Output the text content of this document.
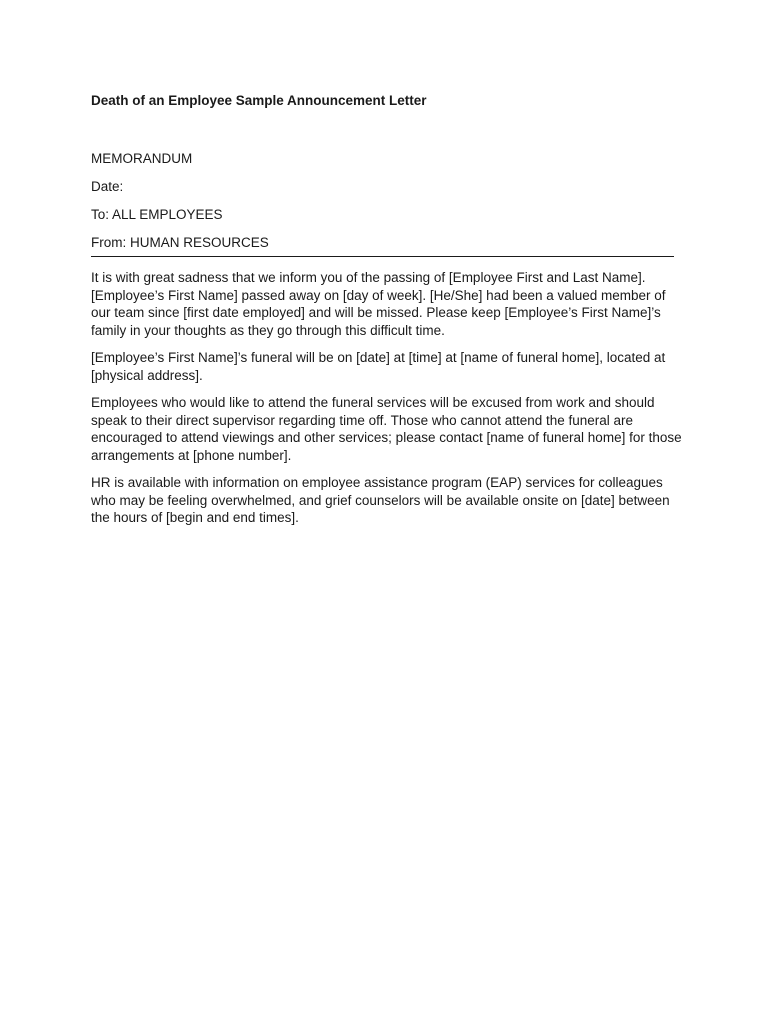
Death of an Employee Sample Announcement Letter

MEMORANDUM

Date:

To: ALL EMPLOYEES

From: HUMAN RESOURCES

It is with great sadness that we inform you of the passing of [Employee First and Last Name]. [Employee’s First Name] passed away on [day of week]. [He/She] had been a valued member of our team since [first date employed] and will be missed. Please keep [Employee’s First Name]’s family in your thoughts as they go through this difficult time.

[Employee’s First Name]’s funeral will be on [date] at [time] at [name of funeral home], located at [physical address].

Employees who would like to attend the funeral services will be excused from work and should speak to their direct supervisor regarding time off. Those who cannot attend the funeral are encouraged to attend viewings and other services; please contact [name of funeral home] for those arrangements at [phone number].

HR is available with information on employee assistance program (EAP) services for colleagues who may be feeling overwhelmed, and grief counselors will be available onsite on [date] between the hours of [begin and end times].
